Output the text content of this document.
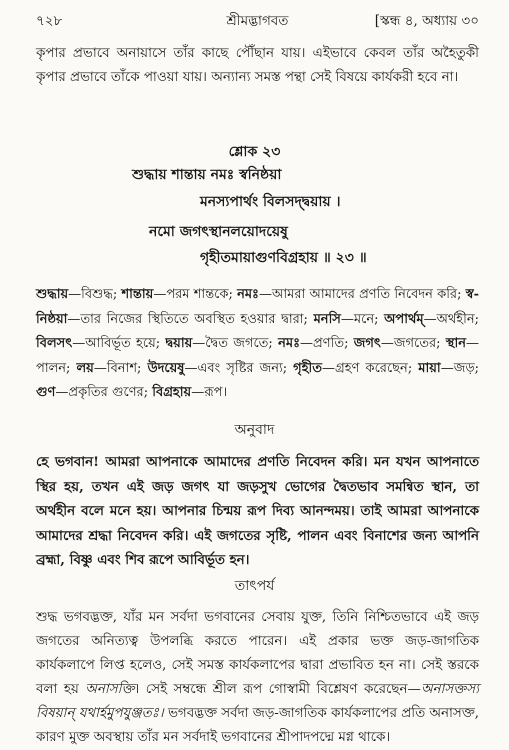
৭২৮	শ্রীমদ্ভাগবত	[স্কন্ধ ৪, অধ্যায় ৩০
কৃপার প্রভাবে অনায়াসে তাঁর কাছে পৌঁছান যায়। এইভাবে কেবল তাঁর অহৈতুকী কৃপার প্রভাবে তাঁকে পাওয়া যায়। অন্যান্য সমস্ত পন্থা সেই বিষয়ে কার্যকরী হবে না।
শ্লোক ২৩
শুদ্ধায় শান্তায় নমঃ স্বনিষ্ঠয়া
মনস্যপার্থং বিলসদ্দ্বয়ায় ।
নমো জগৎস্থানলয়োদয়েষু
গৃহীতমায়াগুণবিগ্রহায় ॥ ২৩ ॥
শুদ্ধায়—বিশুদ্ধ; শান্তায়—পরম শান্তকে; নমঃ—আমরা আমাদের প্রণতি নিবেদন করি; স্ব-নিষ্ঠয়া—তার নিজের স্থিতিতে অবস্থিত হওয়ার দ্বারা; মনসি—মনে; অপার্থম্—অর্থহীন; বিলসৎ—আবির্ভূত হয়ে; দ্বয়ায়—দ্বৈত জগতে; নমঃ—প্রণতি; জগৎ—জগতের; স্থান—পালন; লয়—বিনাশ; উদয়েষু—এবং সৃষ্টির জন্য; গৃহীত—গ্রহণ করেছেন; মায়া—জড়; গুণ—প্রকৃতির গুণের; বিগ্রহায়—রূপ।
অনুবাদ
হে ভগবান! আমরা আপনাকে আমাদের প্রণতি নিবেদন করি। মন যখন আপনাতে স্থির হয়, তখন এই জড় জগৎ যা জড়সুখ ভোগের দ্বৈতভাব সমন্বিত স্থান, তা অর্থহীন বলে মনে হয়। আপনার চিন্ময় রূপ দিব্য আনন্দময়। তাই আমরা আপনাকে আমাদের শ্রদ্ধা নিবেদন করি। এই জগতের সৃষ্টি, পালন এবং বিনাশের জন্য আপনি ব্রহ্মা, বিষ্ণু এবং শিব রূপে আবির্ভূত হন।
তাৎপর্য
শুদ্ধ ভগবদ্ভক্ত, যাঁর মন সর্বদা ভগবানের সেবায় যুক্ত, তিনি নিশ্চিতভাবে এই জড় জগতের অনিত্যত্ব উপলব্ধি করতে পারেন। এই প্রকার ভক্ত জড়-জাগতিক কার্যকলাপে লিপ্ত হলেও, সেই সমস্ত কার্যকলাপের দ্বারা প্রভাবিত হন না। সেই স্তরকে বলা হয় অনাসক্তি। সেই সম্বন্ধে শ্রীল রূপ গোস্বামী বিশ্লেষণ করেছেন—অনাসক্তস্য বিষয়ান্ যথার্হমুপযুঞ্জতঃ। ভগবদ্ভক্ত সর্বদা জড়-জাগতিক কার্যকলাপের প্রতি অনাসক্ত, কারণ মুক্ত অবস্থায় তাঁর মন সর্বদাই ভগবানের শ্রীপাদপদ্মে মগ্ন থাকে।
